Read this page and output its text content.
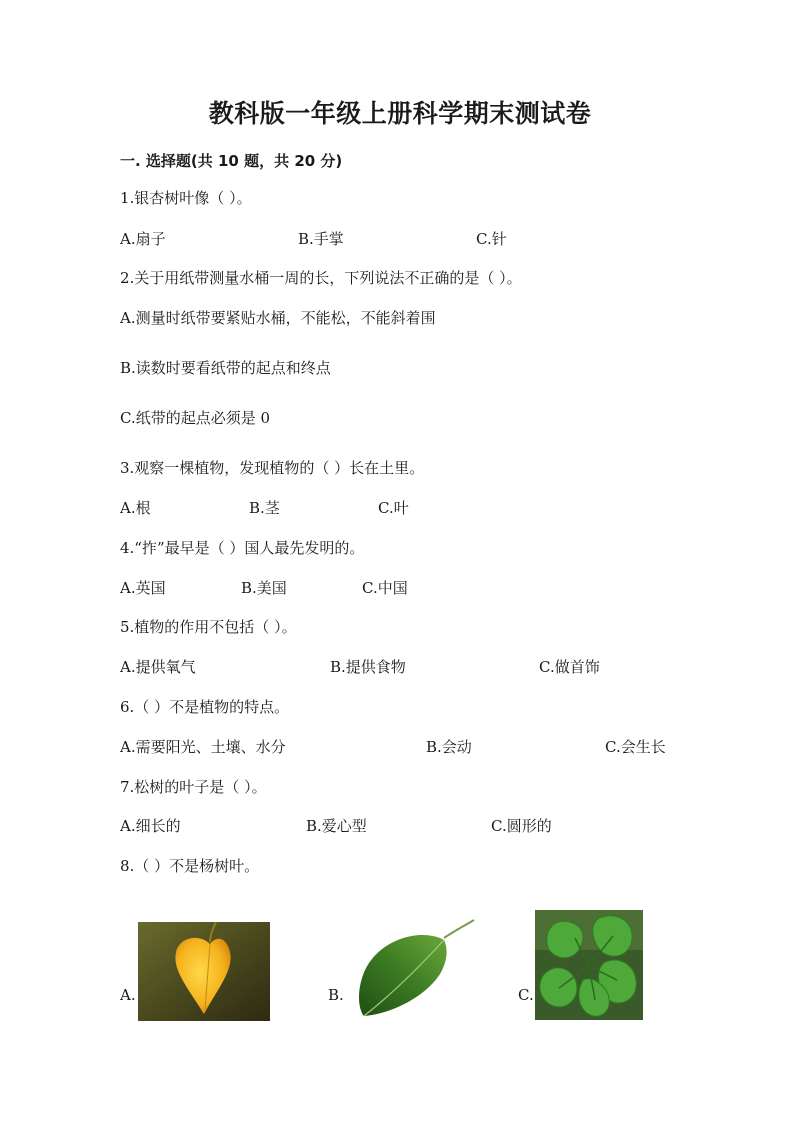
教科版一年级上册科学期末测试卷
一. 选择题(共 10 题，共 20 分)
1.银杏树叶像（ ）。
A.扇子	B.手掌	C.针
2.关于用纸带测量水桶一周的长，下列说法不正确的是（ ）。
A.测量时纸带要紧贴水桶，不能松，不能斜着围
B.读数时要看纸带的起点和终点
C.纸带的起点必须是 0
3.观察一棵植物，发现植物的（ ）长在土里。
A.根	B.茎	C.叶
4.“拃”最早是（ ）国人最先发明的。
A.英国	B.美国	C.中国
5.植物的作用不包括（ ）。
A.提供氧气	B.提供食物	C.做首饰
6.（ ）不是植物的特点。
A.需要阳光、土壤、水分	B.会动	C.会生长
7.松树的叶子是（ ）。
A.细长的	B.爱心型	C.圆形的
8.（ ）不是杨树叶。
A.	B.	C.
